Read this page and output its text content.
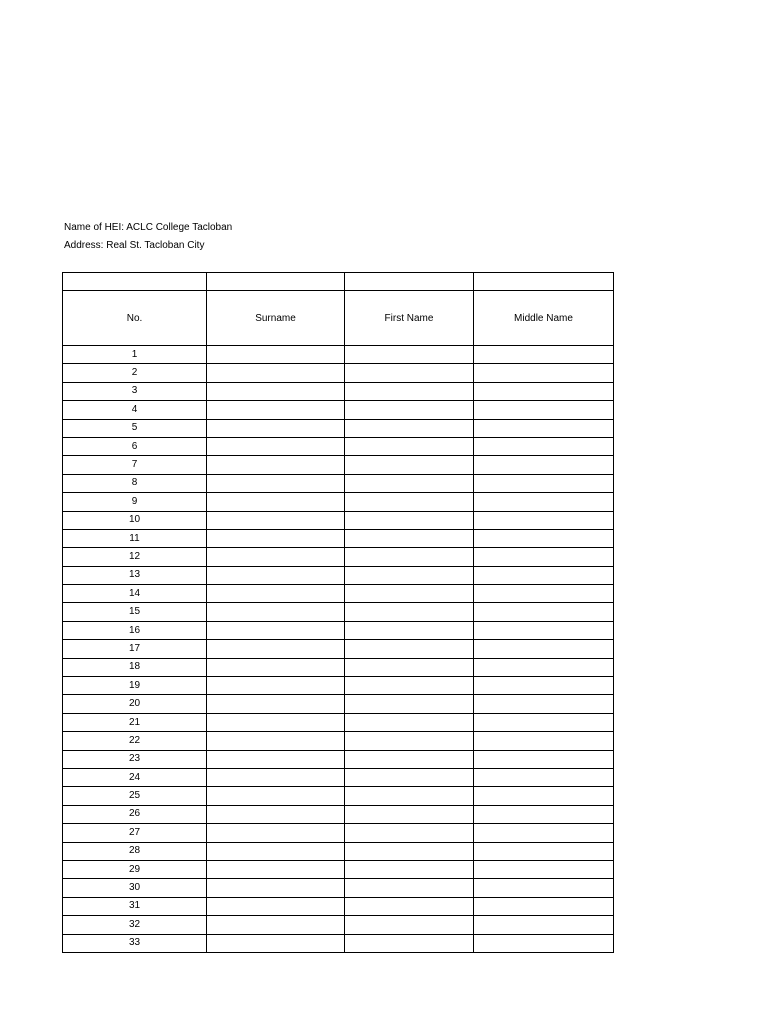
Name of HEI: ACLC College Tacloban
Address: Real St. Tacloban City

No.	Surname	First Name	Middle Name
1			
2			
3			
4			
5			
6			
7			
8			
9			
10			
11			
12			
13			
14			
15			
16			
17			
18			
19			
20			
21			
22			
23			
24			
25			
26			
27			
28			
29			
30			
31			
32			
33			
